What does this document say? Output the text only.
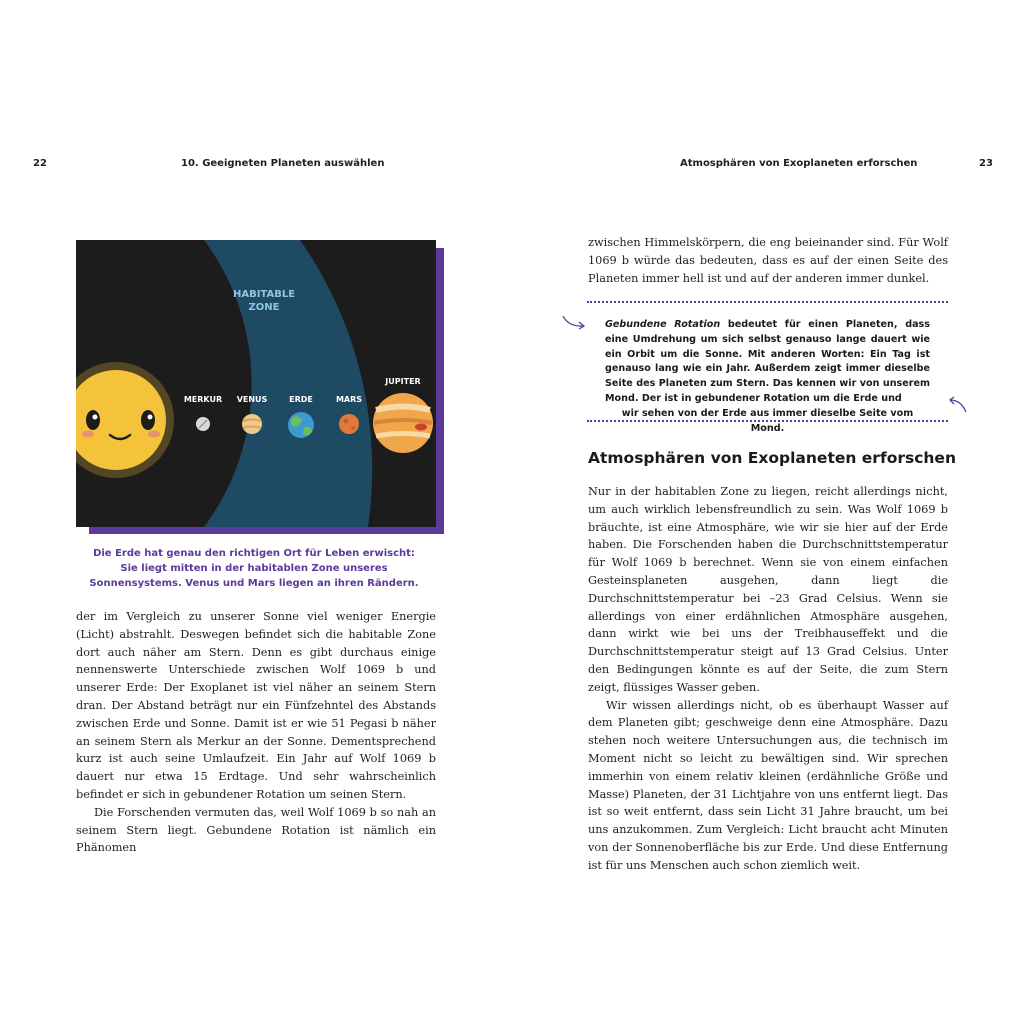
22	10. Geeigneten Planeten auswählen	Atmosphären von Exoplaneten erforschen	23
HABITABLE
ZONE
MERKUR	VENUS	ERDE	MARS
JUPITER
Die Erde hat genau den richtigen Ort für Leben erwischt: Sie liegt mitten in der habitablen Zone unseres Sonnensystems. Venus und Mars liegen an ihren Rändern.

der im Vergleich zu unserer Sonne viel weniger Energie (Licht) abstrahlt. Deswegen befindet sich die habitable Zone dort auch näher am Stern. Denn es gibt durchaus einige nennenswerte Unterschiede zwischen Wolf 1069 b und unserer Erde: Der Exoplanet ist viel näher an seinem Stern dran. Der Abstand beträgt nur ein Fünfzehntel des Abstands zwischen Erde und Sonne. Damit ist er wie 51 Pegasi b näher an seinem Stern als Merkur an der Sonne. Dementsprechend kurz ist auch seine Umlaufzeit. Ein Jahr auf Wolf 1069 b dauert nur etwa 15 Erdtage. Und sehr wahrscheinlich befindet er sich in gebundener Rotation um seinen Stern.

Die Forschenden vermuten das, weil Wolf 1069 b so nah an seinem Stern liegt. Gebundene Rotation ist nämlich ein Phänomen

zwischen Himmelskörpern, die eng beieinander sind. Für Wolf 1069 b würde das bedeuten, dass es auf der einen Seite des Planeten immer hell ist und auf der anderen immer dunkel.

Gebundene Rotation bedeutet für einen Planeten, dass eine Umdrehung um sich selbst genauso lange dauert wie ein Orbit um die Sonne. Mit anderen Worten: Ein Tag ist genauso lang wie ein Jahr. Außerdem zeigt immer dieselbe Seite des Planeten zum Stern. Das kennen wir von unserem Mond. Der ist in gebundener Rotation um die Erde und
wir sehen von der Erde aus immer dieselbe Seite vom Mond.
Atmosphären von Exoplaneten erforschen

Nur in der habitablen Zone zu liegen, reicht allerdings nicht, um auch wirklich lebensfreundlich zu sein. Was Wolf 1069 b bräuchte, ist eine Atmosphäre, wie wir sie hier auf der Erde haben. Die Forschenden haben die Durchschnittstemperatur für Wolf 1069 b berechnet. Wenn sie von einem einfachen Gesteinsplaneten ausgehen, dann liegt die Durchschnittstemperatur bei –23 Grad Celsius. Wenn sie allerdings von einer erdähnlichen Atmosphäre ausgehen, dann wirkt wie bei uns der Treibhauseffekt und die Durchschnittstemperatur steigt auf 13 Grad Celsius. Unter den Bedingungen könnte es auf der Seite, die zum Stern zeigt, flüssiges Wasser geben.

Wir wissen allerdings nicht, ob es überhaupt Wasser auf dem Planeten gibt; geschweige denn eine Atmosphäre. Dazu stehen noch weitere Untersuchungen aus, die technisch im Moment nicht so leicht zu bewältigen sind. Wir sprechen immerhin von einem relativ kleinen (erdähnliche Größe und Masse) Planeten, der 31 Lichtjahre von uns entfernt liegt. Das ist so weit entfernt, dass sein Licht 31 Jahre braucht, um bei uns anzukommen. Zum Vergleich: Licht braucht acht Minuten von der Sonnenoberfläche bis zur Erde. Und diese Entfernung ist für uns Menschen auch schon ziemlich weit.
